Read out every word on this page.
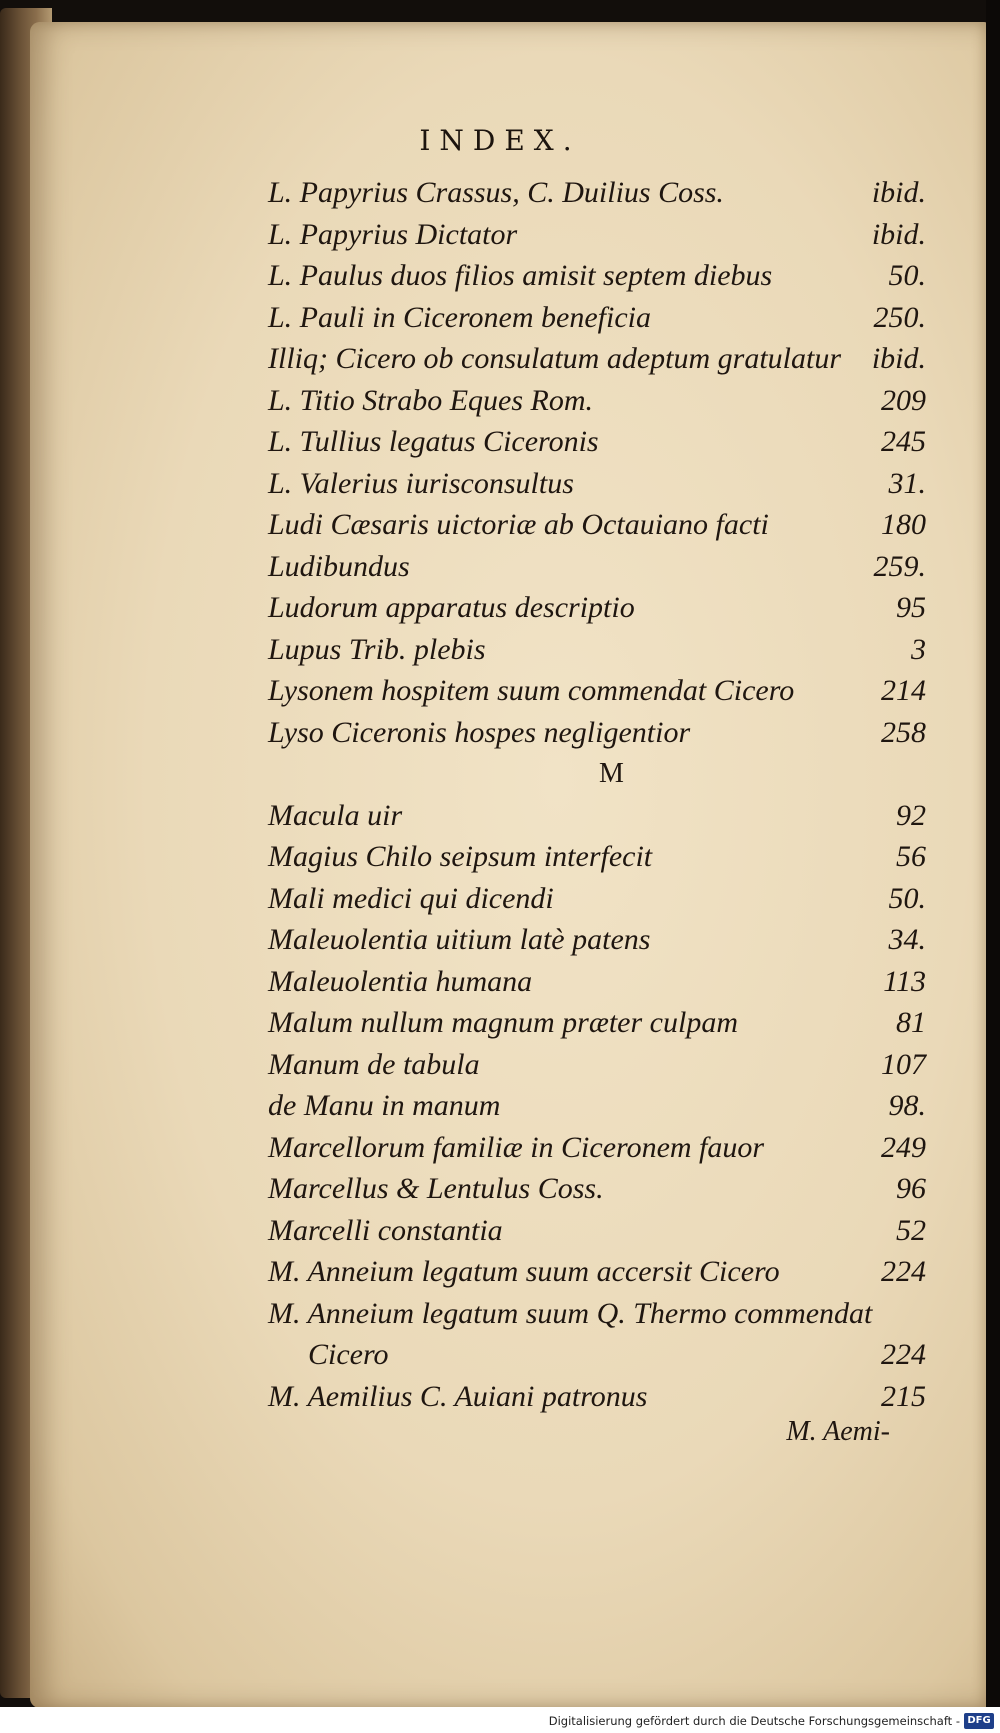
INDEX.
L. Papyrius Crassus, C. Duilius Coss.	ibid.
L. Papyrius Dictator	ibid.
L. Paulus duos filios amisit septem diebus	50.
L. Pauli in Ciceronem beneficia	250.
Illiq; Cicero ob consulatum adeptum gratulatur ibid.
L. Titio Strabo Eques Rom.	209
L. Tullius legatus Ciceronis	245
L. Valerius iurisconsultus	31.
Ludi Cæsaris uictoriæ ab Octauiano facti	180
Ludibundus	259.
Ludorum apparatus descriptio	95
Lupus Trib. plebis	3
Lysonem hospitem suum commendat Cicero	214
Lyso Ciceronis hospes negligentior	258
M
Macula uir	92
Magius Chilo seipsum interfecit	56
Mali medici qui dicendi	50.
Maleuolentia uitium latè patens	34.
Maleuolentia humana	113
Malum nullum magnum præter culpam	81
Manum de tabula	107
de Manu in manum	98.
Marcellorum familiæ in Ciceronem fauor	249
Marcellus & Lentulus Coss.	96
Marcelli constantia	52
M. Anneium legatum suum accersit Cicero	224
M. Anneium legatum suum Q. Thermo commendat
Cicero	224
M. Aemilius C. Auiani patronus	215
M. Aemi-
Digitalisierung gefördert durch die Deutsche Forschungsgemeinschaft - DFG
